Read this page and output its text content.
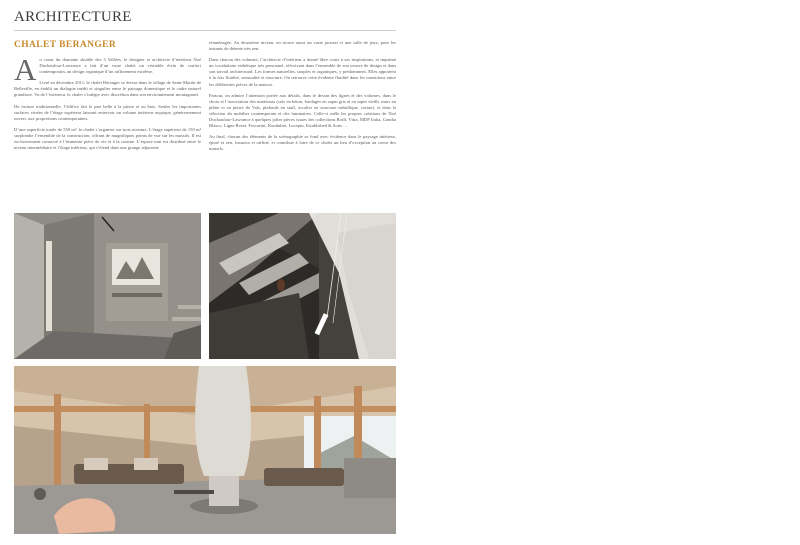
ARCHITECTURE
CHALET BERANGER

A u coeur du domaine skiable des 3 Vallées, le designer et architecte d’intérieur Noé Duchaufour-Lawrance a fait d’un vaste chalet un véritable écrin de confort contemporain, au design organique d’un raffinement extrême.

Livré en décembre 2011, le chalet Béranger se dresse dans le village de Saint-Martin de Belleville, en établit un dialogue inédit et singulier entre le paysage domestique et le cadre naturel grandiose. Vu de l’extérieur, le chalet s’intègre avec discrétion dans son environnement montagnard.

De facture traditionnelle, l’édifice fait la part belle à la pierre et au bois. Seules les importantes surfaces vitrées de l’étage supérieur laissent entrevoir un volume intérieur atypique, généreusement ouvert, aux proportions contemporaines.

D’une superficie totale de 550 m², le chalet s’organise sur trois niveaux. L’étage supérieur de 150 m² surplombe l’ensemble de la construction, offrant de magnifiques points de vue sur les massifs. Il est exclusivement consacré à l’immense pièce de vie et à la cuisine. L’espace nuit est distribué entre le niveau intermédiaire et l’étage inférieur, qui s’étend dans une grange adjacente

réaménagée. Au deuxième niveau, on trouve aussi un vaste jacuzzi et une salle de jeux, pour les instants de détente très zen.

Dans chacun des volumes, l’architecte d’intérieur a donné libre cours à ses inspirations, et imprimé un vocabulaire esthétique très personnel, réécrivant dans l’ensemble de son oeuvre de design et dans son travail architectural. Les formes naturelles, souples et organiques, y prédominent. Elles apportent à la fois fluidité, sensualité et structure. On retrouve cette évidente fluidité dans les transitions entre les différentes pièces de la maison.

Partout, on admire l’attention portée aux détails, dans le dessin des lignes et des volumes, dans le choix et l’association des matériaux (sols en béton, bardages en sapin gris et en sapin vieilli, murs en plâtre et en pierre de Vals, plafonds en staff, escalier en structure métallique, corian), et dans la sélection du mobilier contemporain et des luminaires. Celle-ci mêle les propres créations de Noé Duchaufour-Lawrance à quelques jolies pièces issues des collections Boffi, Vitra, MDF Italia, Gandia Blasco, Ligne Roset, Foscarini, Kundalini, Lucepiu, Established & Sons …

Au final, chacun des éléments de la scénographie se fond avec évidence dans le paysage intérieur, épuré et zen, luxueux et raffiné, et contribue à faire de ce chalet un lieu d’exception au coeur des massifs.
